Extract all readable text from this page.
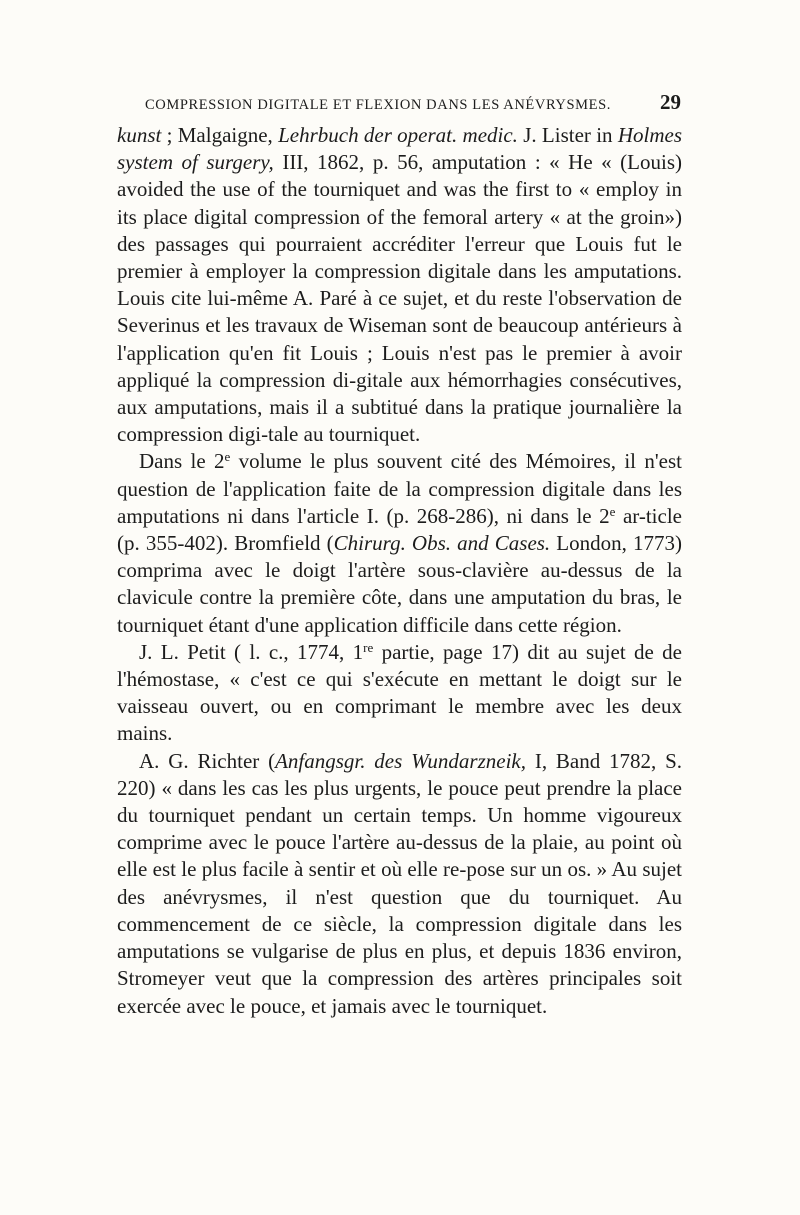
COMPRESSION DIGITALE ET FLEXION DANS LES ANÉVRYSMES. 29

kunst ; Malgaigne, Lehrbuch der operat. medic. J. Lister in Holmes system of surgery, III, 1862, p. 56, amputation : « He « (Louis) avoided the use of the tourniquet and was the first to « employ in its place digital compression of the femoral artery « at the groin») des passages qui pourraient accréditer l'erreur que Louis fut le premier à employer la compression digitale dans les amputations. Louis cite lui-même A. Paré à ce sujet, et du reste l'observation de Severinus et les travaux de Wiseman sont de beaucoup antérieurs à l'application qu'en fit Louis ; Louis n'est pas le premier à avoir appliqué la compression di-gitale aux hémorrhagies consécutives, aux amputations, mais il a subtitué dans la pratique journalière la compression digi-tale au tourniquet.

Dans le 2e volume le plus souvent cité des Mémoires, il n'est question de l'application faite de la compression digitale dans les amputations ni dans l'article I. (p. 268-286), ni dans le 2e ar-ticle (p. 355-402). Bromfield (Chirurg. Obs. and Cases. London, 1773) comprima avec le doigt l'artère sous-clavière au-dessus de la clavicule contre la première côte, dans une amputation du bras, le tourniquet étant d'une application difficile dans cette région.

J. L. Petit ( l. c., 1774, 1re partie, page 17) dit au sujet de de l'hémostase, « c'est ce qui s'exécute en mettant le doigt sur le vaisseau ouvert, ou en comprimant le membre avec les deux mains.

A. G. Richter (Anfangsgr. des Wundarzneik, I, Band 1782, S. 220) « dans les cas les plus urgents, le pouce peut prendre la place du tourniquet pendant un certain temps. Un homme vigoureux comprime avec le pouce l'artère au-dessus de la plaie, au point où elle est le plus facile à sentir et où elle re-pose sur un os. » Au sujet des anévrysmes, il n'est question que du tourniquet. Au commencement de ce siècle, la compression digitale dans les amputations se vulgarise de plus en plus, et depuis 1836 environ, Stromeyer veut que la compression des artères principales soit exercée avec le pouce, et jamais avec le tourniquet.
